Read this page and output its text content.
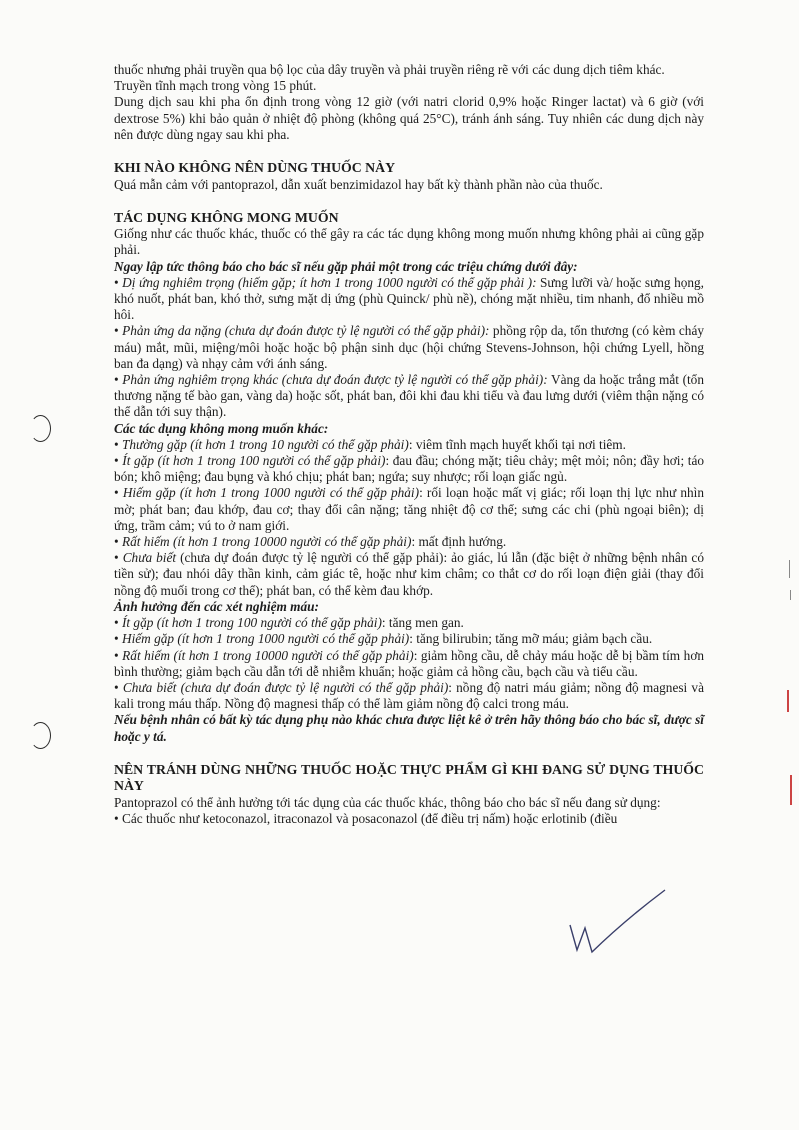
thuốc nhưng phải truyền qua bộ lọc của dây truyền và phải truyền riêng rẽ với các dung dịch tiêm khác.

Truyền tĩnh mạch trong vòng 15 phút.

Dung dịch sau khi pha ổn định trong vòng 12 giờ (với natri clorid 0,9% hoặc Ringer lactat) và 6 giờ (với dextrose 5%) khi bảo quản ở nhiệt độ phòng (không quá 25°C), tránh ánh sáng. Tuy nhiên các dung dịch này nên được dùng ngay sau khi pha.

KHI NÀO KHÔNG NÊN DÙNG THUỐC NÀY

Quá mẫn cảm với pantoprazol, dẫn xuất benzimidazol hay bất kỳ thành phần nào của thuốc.

TÁC DỤNG KHÔNG MONG MUỐN

Giống như các thuốc khác, thuốc có thể gây ra các tác dụng không mong muốn nhưng không phải ai cũng gặp phải.

Ngay lập tức thông báo cho bác sĩ nếu gặp phải một trong các triệu chứng dưới đây:

• Dị ứng nghiêm trọng (hiếm gặp; ít hơn 1 trong 1000 người có thể gặp phải ): Sưng lưỡi và/ hoặc sưng họng, khó nuốt, phát ban, khó thở, sưng mặt dị ứng (phù Quinck/ phù nề), chóng mặt nhiều, tim nhanh, đổ nhiều mồ hôi.

• Phản ứng da nặng (chưa dự đoán được tỷ lệ người có thể gặp phải): phồng rộp da, tổn thương (có kèm cháy máu) mắt, mũi, miệng/môi hoặc hoặc bộ phận sinh dục (hội chứng Stevens-Johnson, hội chứng Lyell, hồng ban đa dạng) và nhạy cảm với ánh sáng.

• Phản ứng nghiêm trọng khác (chưa dự đoán được tỷ lệ người có thể gặp phải): Vàng da hoặc trắng mắt (tổn thương nặng tế bào gan, vàng da) hoặc sốt, phát ban, đôi khi đau khi tiểu và đau lưng dưới (viêm thận nặng có thể dẫn tới suy thận).

Các tác dụng không mong muốn khác:

• Thường gặp (ít hơn 1 trong 10 người có thể gặp phải): viêm tĩnh mạch huyết khối tại nơi tiêm.

• Ít gặp (ít hơn 1 trong 100 người có thể gặp phải): đau đầu; chóng mặt; tiêu chảy; mệt mỏi; nôn; đầy hơi; táo bón; khô miệng; đau bụng và khó chịu; phát ban; ngứa; suy nhược; rối loạn giấc ngủ.

• Hiếm gặp (ít hơn 1 trong 1000 người có thể gặp phải): rối loạn hoặc mất vị giác; rối loạn thị lực như nhìn mờ; phát ban; đau khớp, đau cơ; thay đổi cân nặng; tăng nhiệt độ cơ thể; sưng các chi (phù ngoại biên); dị ứng, trầm cảm; vú to ở nam giới.

• Rất hiếm (ít hơn 1 trong 10000 người có thể gặp phải): mất định hướng.

• Chưa biết (chưa dự đoán được tỷ lệ người có thể gặp phải): ảo giác, lú lẫn (đặc biệt ở những bệnh nhân có tiền sử); đau nhói dây thần kinh, cảm giác tê, hoặc như kim châm; co thắt cơ do rối loạn điện giải (thay đổi nồng độ muối trong cơ thể); phát ban, có thể kèm đau khớp.

Ảnh hưởng đến các xét nghiệm máu:

• Ít gặp (ít hơn 1 trong 100 người có thể gặp phải): tăng men gan.

• Hiếm gặp (ít hơn 1 trong 1000 người có thể gặp phải): tăng bilirubin; tăng mỡ máu; giảm bạch cầu.

• Rất hiếm (ít hơn 1 trong 10000 người có thể gặp phải): giảm hồng cầu, dễ chảy máu hoặc dễ bị bầm tím hơn bình thường; giảm bạch cầu dẫn tới dễ nhiễm khuẩn; hoặc giảm cả hồng cầu, bạch cầu và tiểu cầu.

• Chưa biết (chưa dự đoán được tỷ lệ người có thể gặp phải): nồng độ natri máu giảm; nồng độ magnesi và kali trong máu thấp. Nồng độ magnesi thấp có thể làm giảm nồng độ calci trong máu.

Nếu bệnh nhân có bất kỳ tác dụng phụ nào khác chưa được liệt kê ở trên hãy thông báo cho bác sĩ, dược sĩ hoặc y tá.

NÊN TRÁNH DÙNG NHỮNG THUỐC HOẶC THỰC PHẨM GÌ KHI ĐANG SỬ DỤNG THUỐC NÀY

Pantoprazol có thể ảnh hưởng tới tác dụng của các thuốc khác, thông báo cho bác sĩ nếu đang sử dụng:

• Các thuốc như ketoconazol, itraconazol và posaconazol (để điều trị nấm) hoặc erlotinib (điều
